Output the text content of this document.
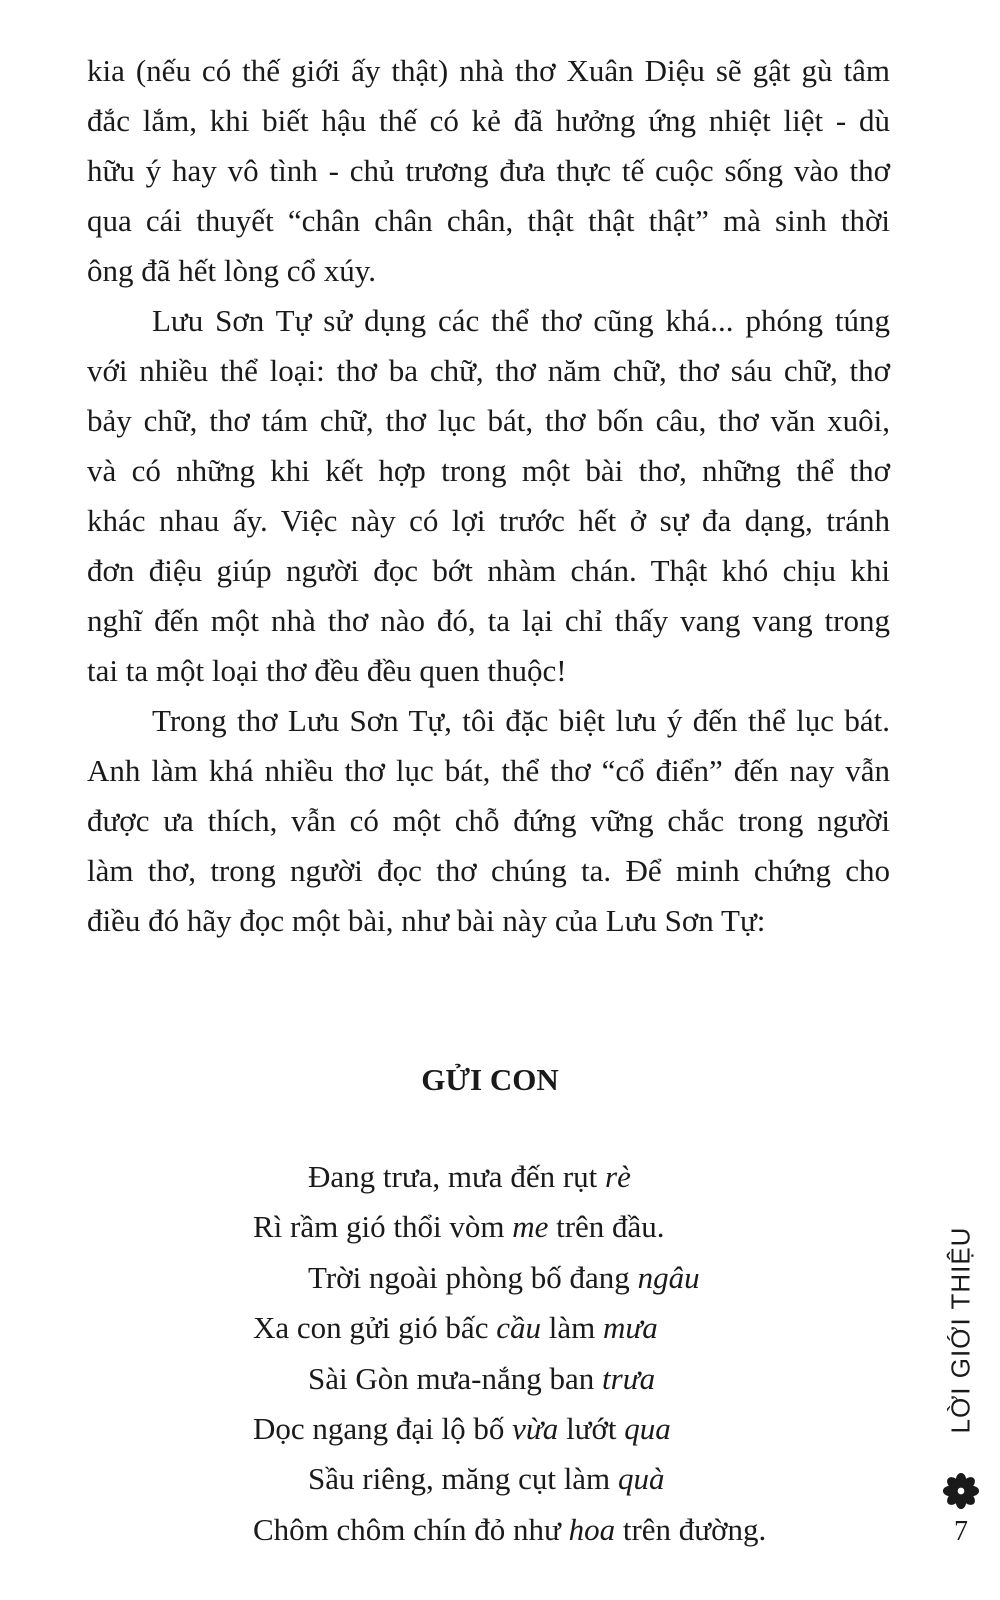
kia (nếu có thế giới ấy thật) nhà thơ Xuân Diệu sẽ gật gù tâm
đắc lắm, khi biết hậu thế có kẻ đã hưởng ứng nhiệt liệt - dù
hữu ý hay vô tình - chủ trương đưa thực tế cuộc sống vào thơ
qua cái thuyết “chân chân chân, thật thật thật” mà sinh thời
ông đã hết lòng cổ xúy.
Lưu Sơn Tự sử dụng các thể thơ cũng khá... phóng túng
với nhiều thể loại: thơ ba chữ, thơ năm chữ, thơ sáu chữ, thơ
bảy chữ, thơ tám chữ, thơ lục bát, thơ bốn câu, thơ văn xuôi,
và có những khi kết hợp trong một bài thơ, những thể thơ
khác nhau ấy. Việc này có lợi trước hết ở sự đa dạng, tránh
đơn điệu giúp người đọc bớt nhàm chán. Thật khó chịu khi
nghĩ đến một nhà thơ nào đó, ta lại chỉ thấy vang vang trong
tai ta một loại thơ đều đều quen thuộc!
Trong thơ Lưu Sơn Tự, tôi đặc biệt lưu ý đến thể lục bát.
Anh làm khá nhiều thơ lục bát, thể thơ “cổ điển” đến nay vẫn
được ưa thích, vẫn có một chỗ đứng vững chắc trong người
làm thơ, trong người đọc thơ chúng ta. Để minh chứng cho
điều đó hãy đọc một bài, như bài này của Lưu Sơn Tự:
GỬI CON
Đang trưa, mưa đến rụt rè
Rì rầm gió thổi vòm me trên đầu.
Trời ngoài phòng bố đang ngâu
Xa con gửi gió bấc cầu làm mưa
Sài Gòn mưa-nắng ban trưa
Dọc ngang đại lộ bố vừa lướt qua
Sầu riêng, măng cụt làm quà
Chôm chôm chín đỏ như hoa trên đường.
LỜI GIỚI THIỆU
7
